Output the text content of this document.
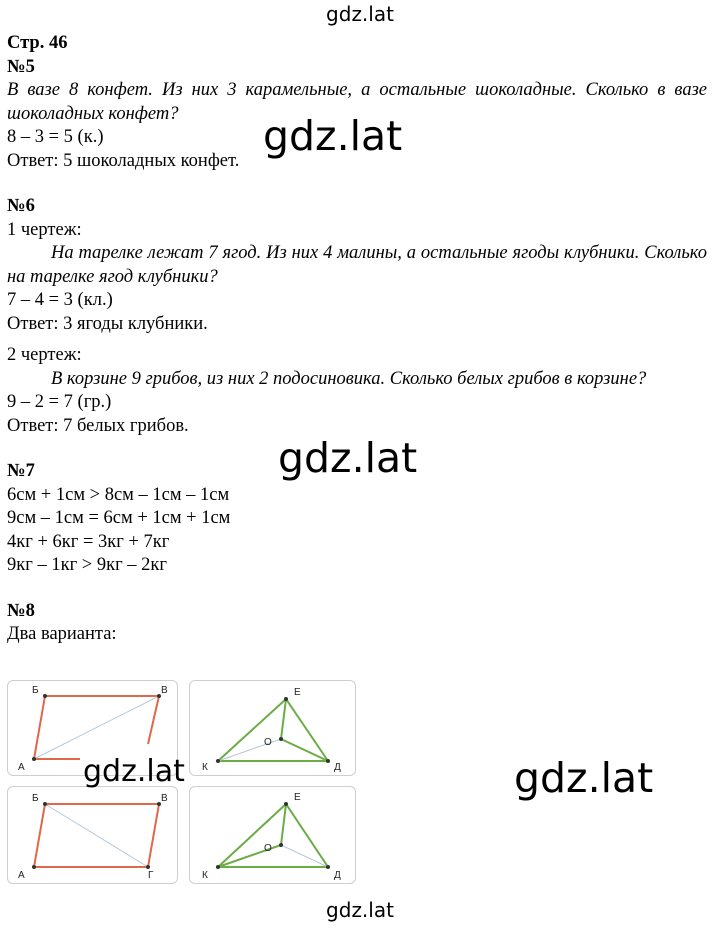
gdz.lat

Стр. 46

№5

В вазе 8 конфет. Из них 3 карамельные, а остальные шоколадные. Сколько в вазе шоколадных конфет?

8 – 3 = 5 (к.)

Ответ: 5 шоколадных конфет.

№6

1 чертеж:

На тарелке лежат 7 ягод. Из них 4 малины, а остальные ягоды клубники. Сколько на тарелке ягод клубники?

7 – 4 = 3 (кл.)

Ответ: 3 ягоды клубники.

2 чертеж:

В корзине 9 грибов, из них 2 подосиновика. Сколько белых грибов в корзине?

9 – 2 = 7 (гр.)

Ответ: 7 белых грибов.

№7

6см + 1см > 8см – 1см – 1см

9см – 1см = 6см + 1см + 1см

4кг + 6кг = 3кг + 7кг

9кг – 1кг > 9кг – 2кг

№8

Два варианта:

Б	В
А
Е
О
К	Д
Б	В
А	Г
Е
О
К	Д
gdz.lat
gdz.lat
gdz.lat	gdz.lat
gdz.lat
